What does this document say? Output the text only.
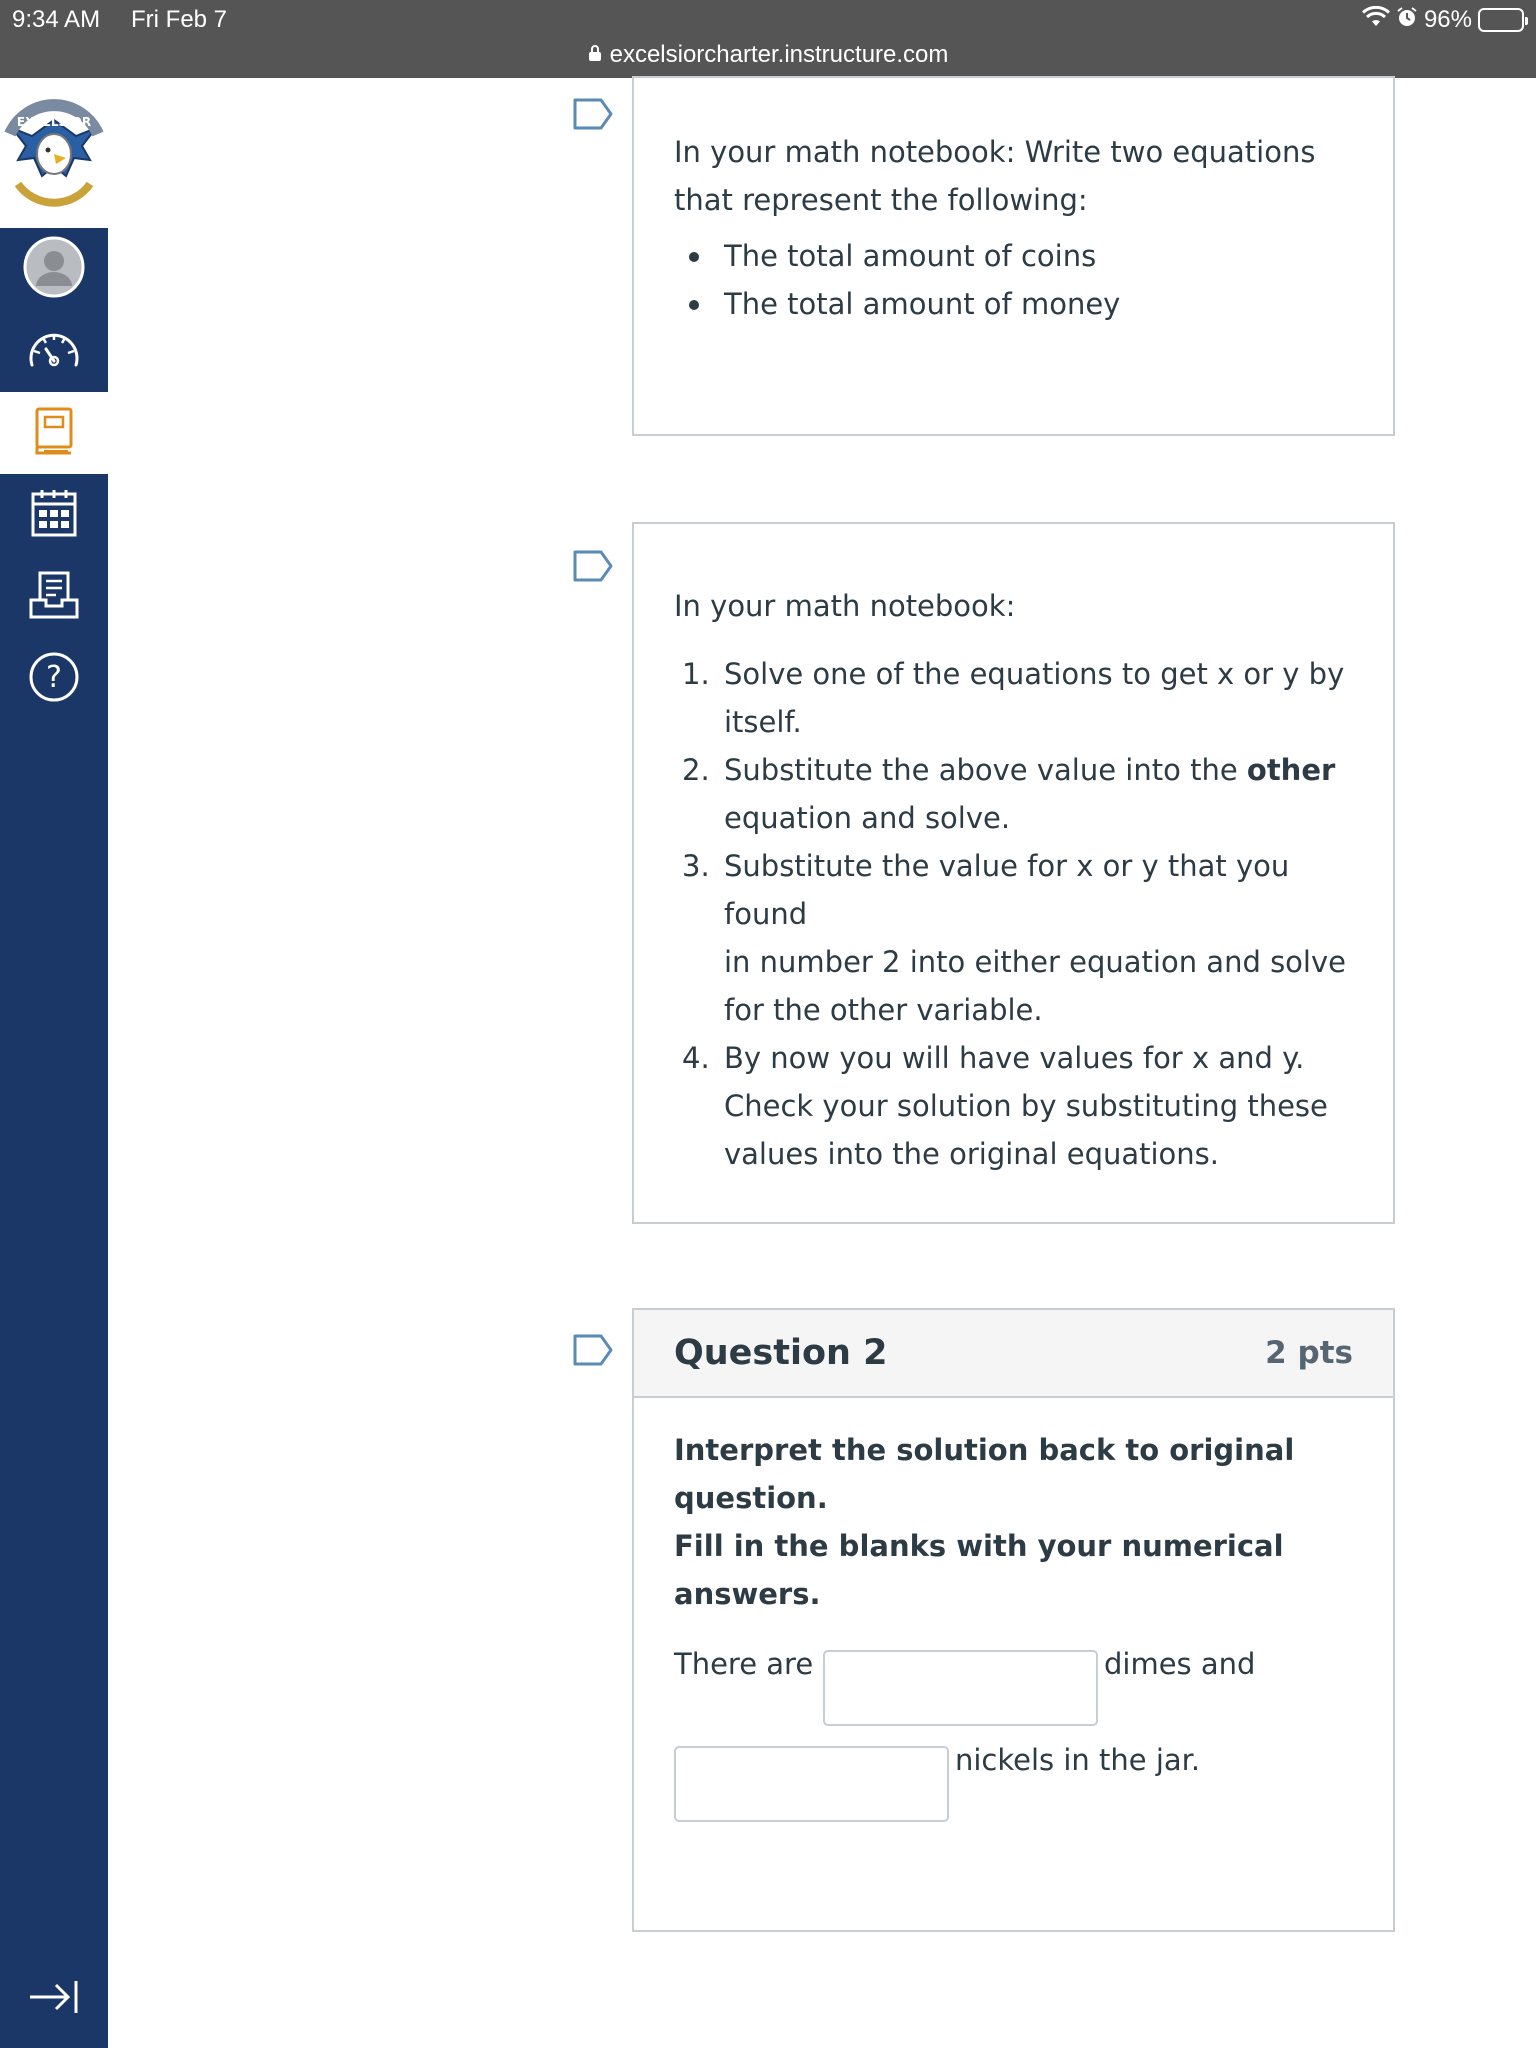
9:34 AM Fri Feb 7	96%
excelsiorcharter.instructure.com
EXCELSIOR
?
In your math notebook: Write two equations
that represent the following:
The total amount of coins
The total amount of money
In your math notebook:
1. Solve one of the equations to get x or y by
itself.
2. Substitute the above value into the other
equation and solve.
3. Substitute the value for x or y that you found
in number 2 into either equation and solve
for the other variable.
4. By now you will have values for x and y.
Check your solution by substituting these
values into the original equations.
Question 2	2 pts
Interpret the solution back to original question.
Fill in the blanks with your numerical answers.
There are	dimes and
nickels in the jar.
